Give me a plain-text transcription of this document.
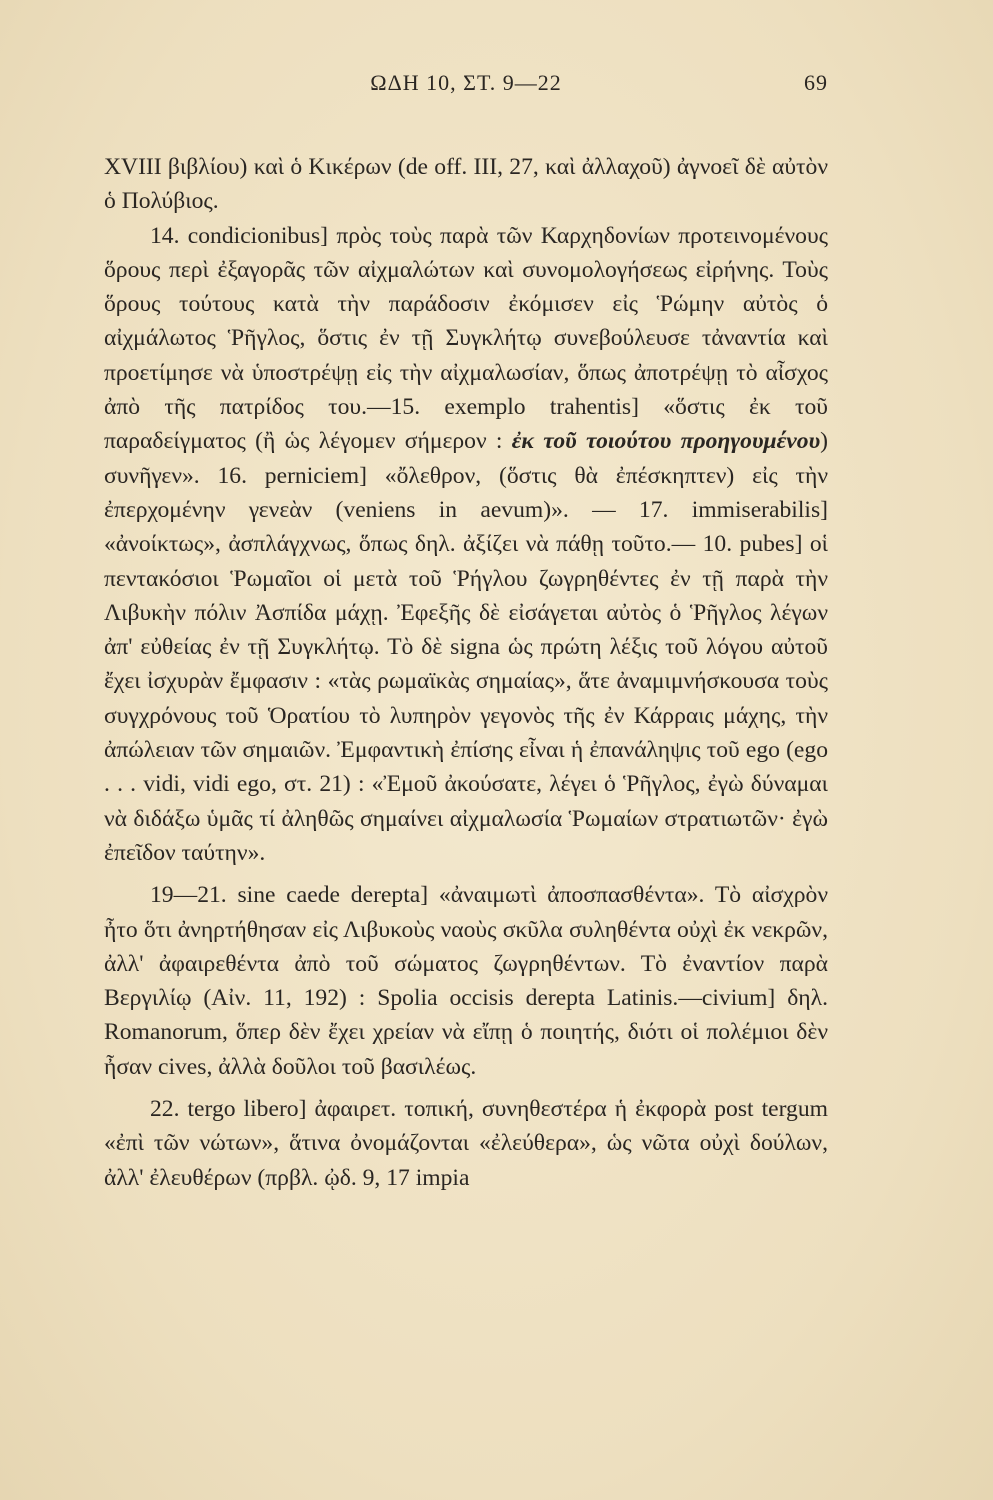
ΩΔΗ 10, ΣΤ. 9—22	69

XVIII βιβλίου) καὶ ὁ Κικέρων (de off. III, 27, καὶ ἀλλαχοῦ) ἀγνοεῖ δὲ αὐτὸν ὁ Πολύβιος.

14. condicionibus] πρὸς τοὺς παρὰ τῶν Καρχηδονίων προτεινομένους ὅρους περὶ ἐξαγορᾶς τῶν αἰχμαλώτων καὶ συνομολογήσεως εἰρήνης. Τοὺς ὅρους τούτους κατὰ τὴν παράδοσιν ἐκόμισεν εἰς Ῥώμην αὐτὸς ὁ αἰχμάλωτος Ῥῆγλος, ὅστις ἐν τῇ Συγκλήτῳ συνεβούλευσε τἀναντία καὶ προετίμησε νὰ ὑποστρέψῃ εἰς τὴν αἰχμαλωσίαν, ὅπως ἀποτρέψῃ τὸ αἶσχος ἀπὸ τῆς πατρίδος του.—15. exemplo trahentis] «ὅστις ἐκ τοῦ παραδείγματος (ἢ ὡς λέγομεν σήμερον : ἐκ τοῦ τοιούτου προηγουμένου) συνῆγεν». 16. perniciem] «ὄλεθρον, (ὅστις θὰ ἐπέσκηπτεν) εἰς τὴν ἐπερχομένην γενεὰν (veniens in aevum)». — 17. immiserabilis] «ἀνοίκτως», ἀσπλάγχνως, ὅπως δηλ. ἀξίζει νὰ πάθῃ τοῦτο.— 10. pubes] οἱ πεντακόσιοι Ῥωμαῖοι οἱ μετὰ τοῦ Ῥήγλου ζωγρηθέντες ἐν τῇ παρὰ τὴν Λιβυκὴν πόλιν Ἀσπίδα μάχῃ. Ἐφεξῆς δὲ εἰσάγεται αὐτὸς ὁ Ῥῆγλος λέγων ἀπ' εὐθείας ἐν τῇ Συγκλήτῳ. Τὸ δὲ signa ὡς πρώτη λέξις τοῦ λόγου αὐτοῦ ἔχει ἰσχυρὰν ἔμφασιν : «τὰς ρωμαϊκὰς σημαίας», ἅτε ἀναμιμνήσκουσα τοὺς συγχρόνους τοῦ Ὁρατίου τὸ λυπηρὸν γεγονὸς τῆς ἐν Κάρραις μάχης, τὴν ἀπώλειαν τῶν σημαιῶν. Ἐμφαντικὴ ἐπίσης εἶναι ἡ ἐπανάληψις τοῦ ego (ego . . . vidi, vidi ego, στ. 21) : «Ἐμοῦ ἀκούσατε, λέγει ὁ Ῥῆγλος, ἐγὼ δύναμαι νὰ διδάξω ὑμᾶς τί ἀληθῶς σημαίνει αἰχμαλωσία Ῥωμαίων στρατιωτῶν· ἐγὼ ἐπεῖδον ταύτην».

19—21. sine caede derepta] «ἀναιμωτὶ ἀποσπασθέντα». Τὸ αἰσχρὸν ἦτο ὅτι ἀνηρτήθησαν εἰς Λιβυκοὺς ναοὺς σκῦλα συληθέντα οὐχὶ ἐκ νεκρῶν, ἀλλ' ἀφαιρεθέντα ἀπὸ τοῦ σώματος ζωγρηθέντων. Τὸ ἐναντίον παρὰ Βεργιλίῳ (Αἰν. 11, 192) : Spolia occisis derepta Latinis.—civium] δηλ. Romanorum, ὅπερ δὲν ἔχει χρείαν νὰ εἴπῃ ὁ ποιητής, διότι οἱ πολέμιοι δὲν ἦσαν cives, ἀλλὰ δοῦλοι τοῦ βασιλέως.

22. tergo libero] ἀφαιρετ. τοπική, συνηθεστέρα ἡ ἐκφορὰ post tergum «ἐπὶ τῶν νώτων», ἅτινα ὀνομάζονται «ἐλεύθερα», ὡς νῶτα οὐχὶ δούλων, ἀλλ' ἐλευθέρων (πρβλ. ᾠδ. 9, 17 impia
